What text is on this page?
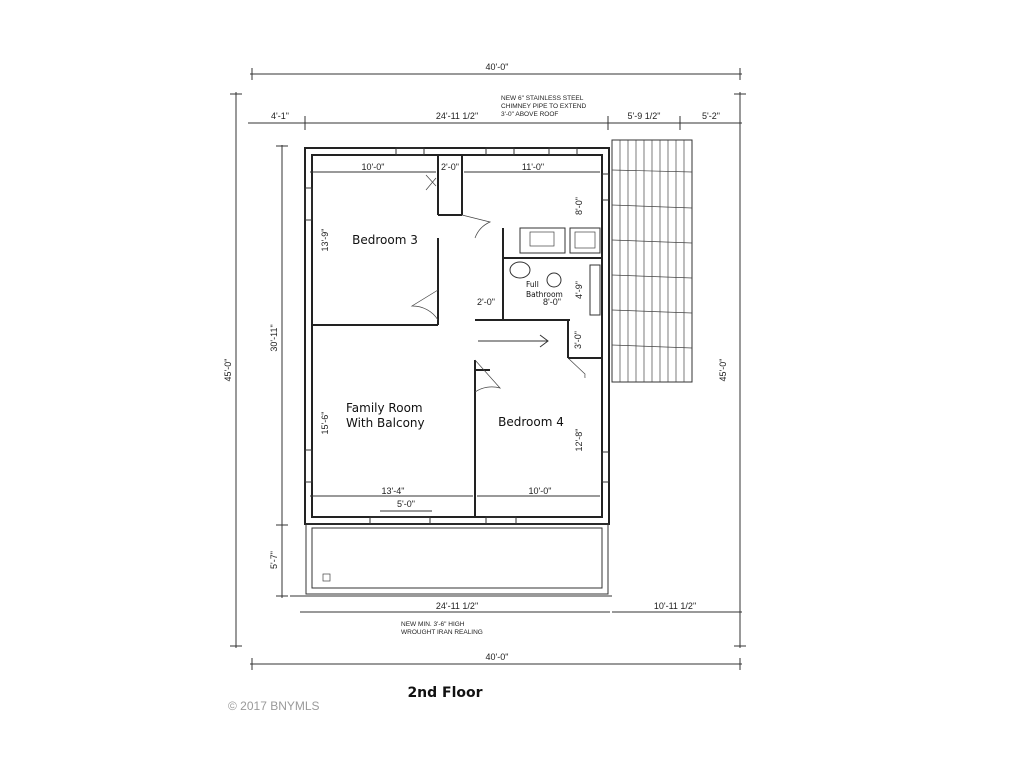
40'-0"
4'-1"	24'-11 1/2"	5'-9 1/2"	5'-2"
24'-11 1/2"	10'-11 1/2"
40'-0"
45'-0"	45'-0"
30'-11"
5'-7"
10'-0"	2'-0"	11'-0"
8'-0"
13'-9"
2'-0"	8'-0"
4'-9"
3'-0"
15'-6"
12'-8"
13'-4"	10'-0"
5'-0"
NEW 6" STAINLESS STEEL
CHIMNEY PIPE TO EXTEND
3'-0" ABOVE ROOF
NEW MIN. 3'-6" HIGH
WROUGHT IRAN REALING
Bedroom 3
Family Room
With Balcony	Bedroom 4
Full
Bathroom
2nd Floor
© 2017 BNYMLS
